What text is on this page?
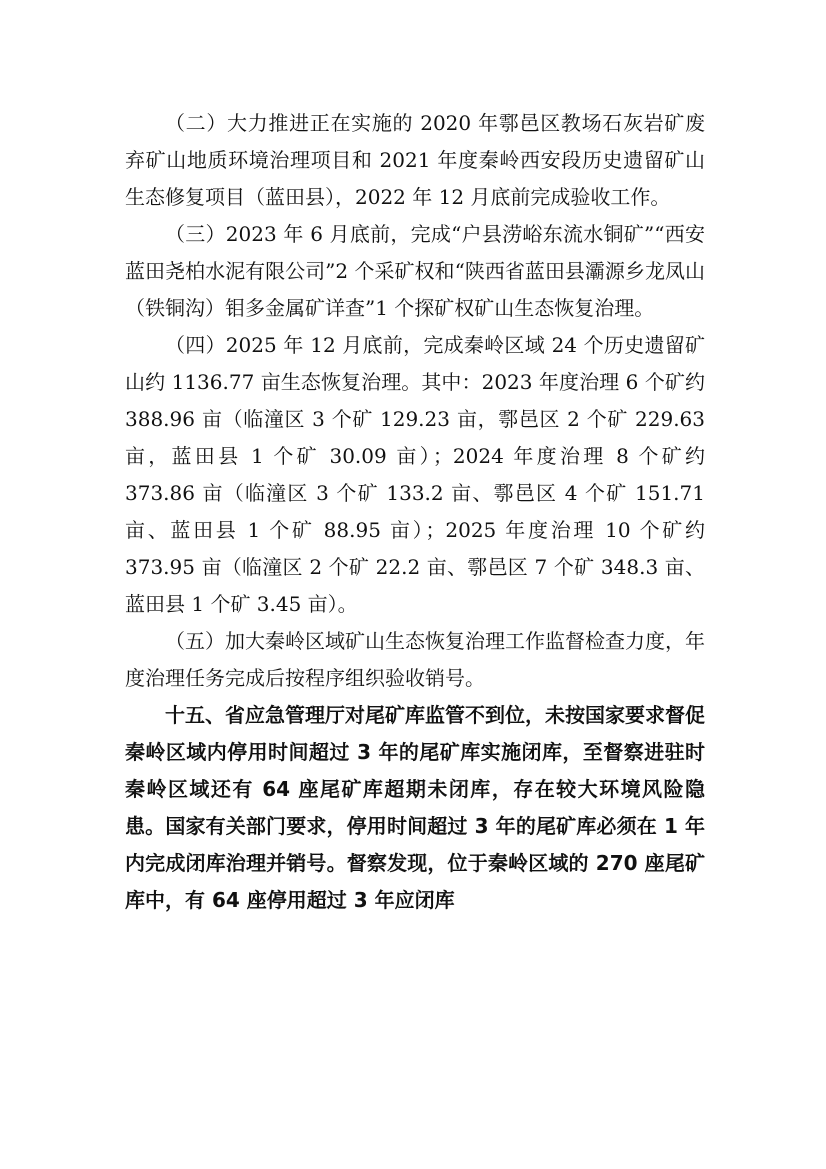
（二）大力推进正在实施的 2020 年鄠邑区教场石灰岩矿废弃矿山地质环境治理项目和 2021 年度秦岭西安段历史遗留矿山生态修复项目（蓝田县），2022 年 12 月底前完成验收工作。

（三）2023 年 6 月底前，完成“户县涝峪东流水铜矿”“西安蓝田尧柏水泥有限公司”2 个采矿权和“陕西省蓝田县灞源乡龙凤山（铁铜沟）钼多金属矿详查”1 个探矿权矿山生态恢复治理。

（四）2025 年 12 月底前，完成秦岭区域 24 个历史遗留矿山约 1136.77 亩生态恢复治理。其中：2023 年度治理 6 个矿约 388.96 亩（临潼区 3 个矿 129.23 亩，鄠邑区 2 个矿 229.63 亩，蓝田县 1 个矿 30.09 亩）；2024 年度治理 8 个矿约 373.86 亩（临潼区 3 个矿 133.2 亩、鄠邑区 4 个矿 151.71 亩、蓝田县 1 个矿 88.95 亩）；2025 年度治理 10 个矿约 373.95 亩（临潼区 2 个矿 22.2 亩、鄠邑区 7 个矿 348.3 亩、蓝田县 1 个矿 3.45 亩）。

（五）加大秦岭区域矿山生态恢复治理工作监督检查力度，年度治理任务完成后按程序组织验收销号。

十五、省应急管理厅对尾矿库监管不到位，未按国家要求督促秦岭区域内停用时间超过 3 年的尾矿库实施闭库，至督察进驻时秦岭区域还有 64 座尾矿库超期未闭库，存在较大环境风险隐患。国家有关部门要求，停用时间超过 3 年的尾矿库必须在 1 年内完成闭库治理并销号。督察发现，位于秦岭区域的 270 座尾矿库中，有 64 座停用超过 3 年应闭库
